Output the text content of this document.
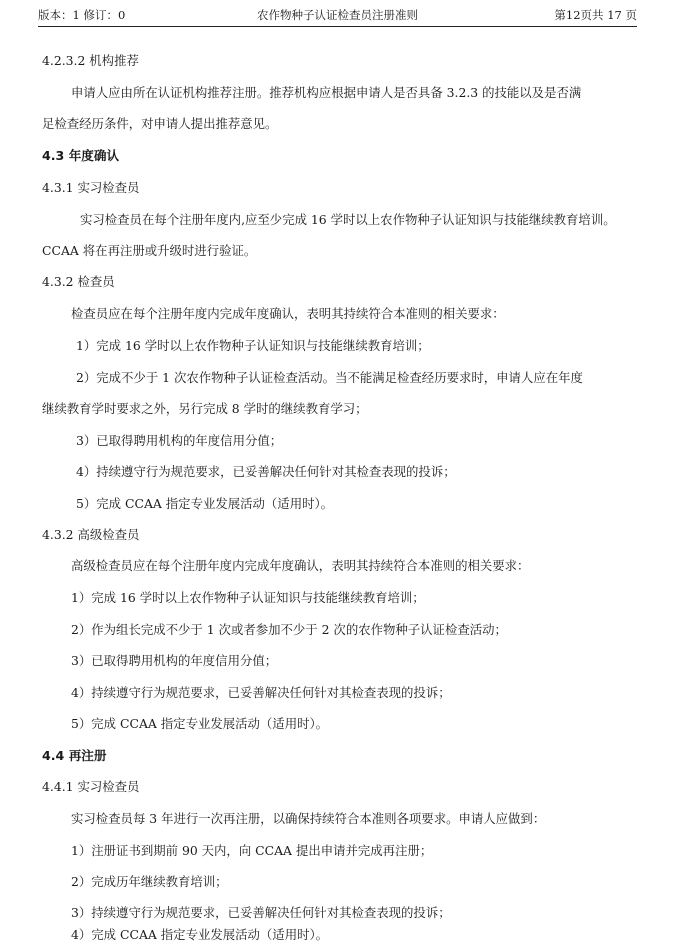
版本：1 修订：0	农作物种子认证检查员注册准则	第12页共 17 页
4.2.3.2 机构推荐
申请人应由所在认证机构推荐注册。推荐机构应根据申请人是否具备 3.2.3 的技能以及是否满
足检查经历条件，对申请人提出推荐意见。
4.3 年度确认
4.3.1 实习检查员
实习检查员在每个注册年度内,应至少完成 16 学时以上农作物种子认证知识与技能继续教育培训。
CCAA 将在再注册或升级时进行验证。
4.3.2 检查员
检查员应在每个注册年度内完成年度确认，表明其持续符合本准则的相关要求：
1）完成 16 学时以上农作物种子认证知识与技能继续教育培训；
2）完成不少于 1 次农作物种子认证检查活动。当不能满足检查经历要求时，申请人应在年度
继续教育学时要求之外，另行完成 8 学时的继续教育学习；
3）已取得聘用机构的年度信用分值；
4）持续遵守行为规范要求，已妥善解决任何针对其检查表现的投诉；
5）完成 CCAA 指定专业发展活动（适用时）。
4.3.2 高级检查员
高级检查员应在每个注册年度内完成年度确认，表明其持续符合本准则的相关要求：
1）完成 16 学时以上农作物种子认证知识与技能继续教育培训；
2）作为组长完成不少于 1 次或者参加不少于 2 次的农作物种子认证检查活动；
3）已取得聘用机构的年度信用分值；
4）持续遵守行为规范要求，已妥善解决任何针对其检查表现的投诉；
5）完成 CCAA 指定专业发展活动（适用时）。
4.4 再注册
4.4.1 实习检查员
实习检查员每 3 年进行一次再注册，以确保持续符合本准则各项要求。申请人应做到：
1）注册证书到期前 90 天内，向 CCAA 提出申请并完成再注册；
2）完成历年继续教育培训；
3）持续遵守行为规范要求，已妥善解决任何针对其检查表现的投诉；
4）完成 CCAA 指定专业发展活动（适用时）。
